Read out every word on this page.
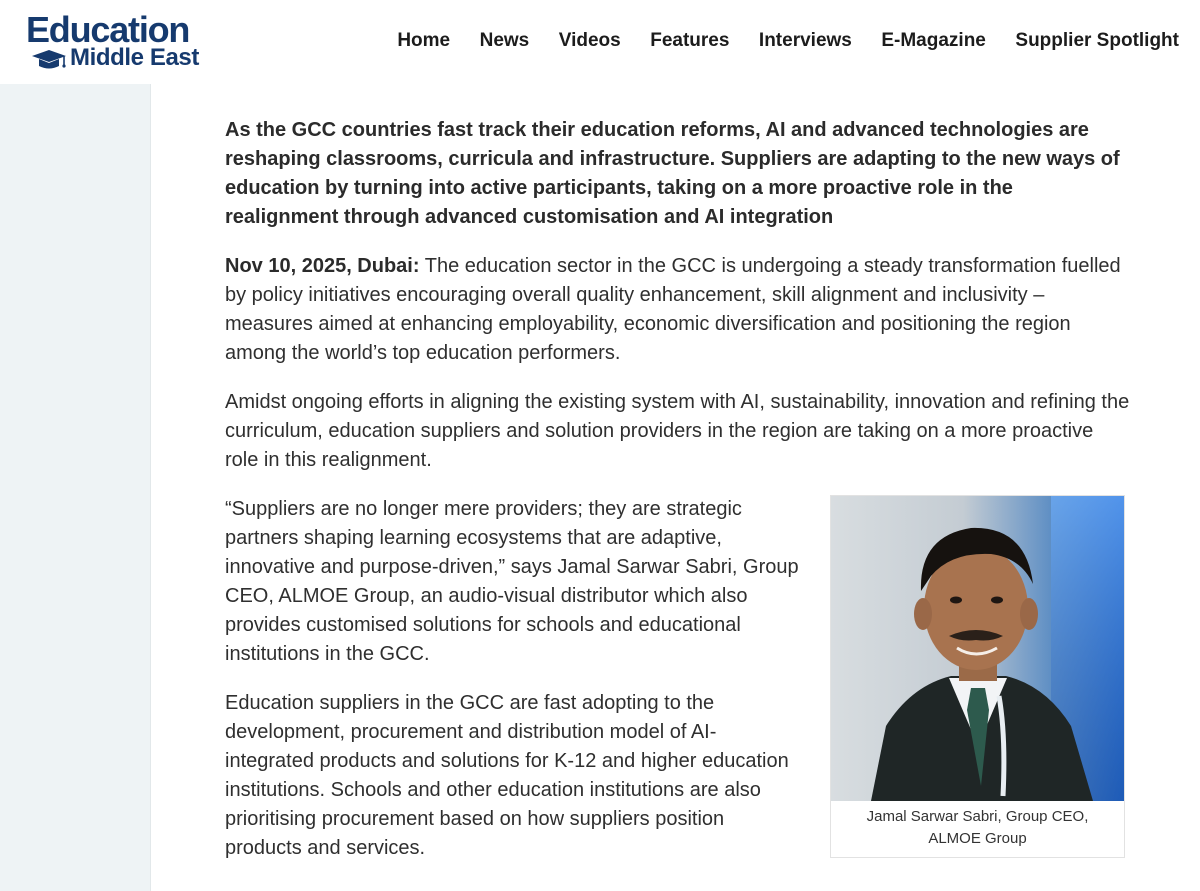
Education
Middle East
Home News Videos Features Interviews E-Magazine Supplier Spotlight

As the GCC countries fast track their education reforms, AI and advanced technologies are reshaping classrooms, curricula and infrastructure. Suppliers are adapting to the new ways of education by turning into active participants, taking on a more proactive role in the realignment through advanced customisation and AI integration

Nov 10, 2025, Dubai: The education sector in the GCC is undergoing a steady transformation fuelled by policy initiatives encouraging overall quality enhancement, skill alignment and inclusivity – measures aimed at enhancing employability, economic diversification and positioning the region among the world’s top education performers.

Amidst ongoing efforts in aligning the existing system with AI, sustainability, innovation and refining the curriculum, education suppliers and solution providers in the region are taking on a more proactive role in this realignment.

“Suppliers are no longer mere providers; they are strategic partners shaping learning ecosystems that are adaptive, innovative and purpose-driven,” says Jamal Sarwar Sabri, Group CEO, ALMOE Group, an audio-visual distributor which also provides customised solutions for schools and educational institutions in the GCC.

Education suppliers in the GCC are fast adopting to the development, procurement and distribution model of AI-integrated products and solutions for K-12 and higher education institutions. Schools and other education institutions are also prioritising procurement based on how suppliers position products and services.

Jamal Sarwar Sabri, Group CEO,
ALMOE Group
